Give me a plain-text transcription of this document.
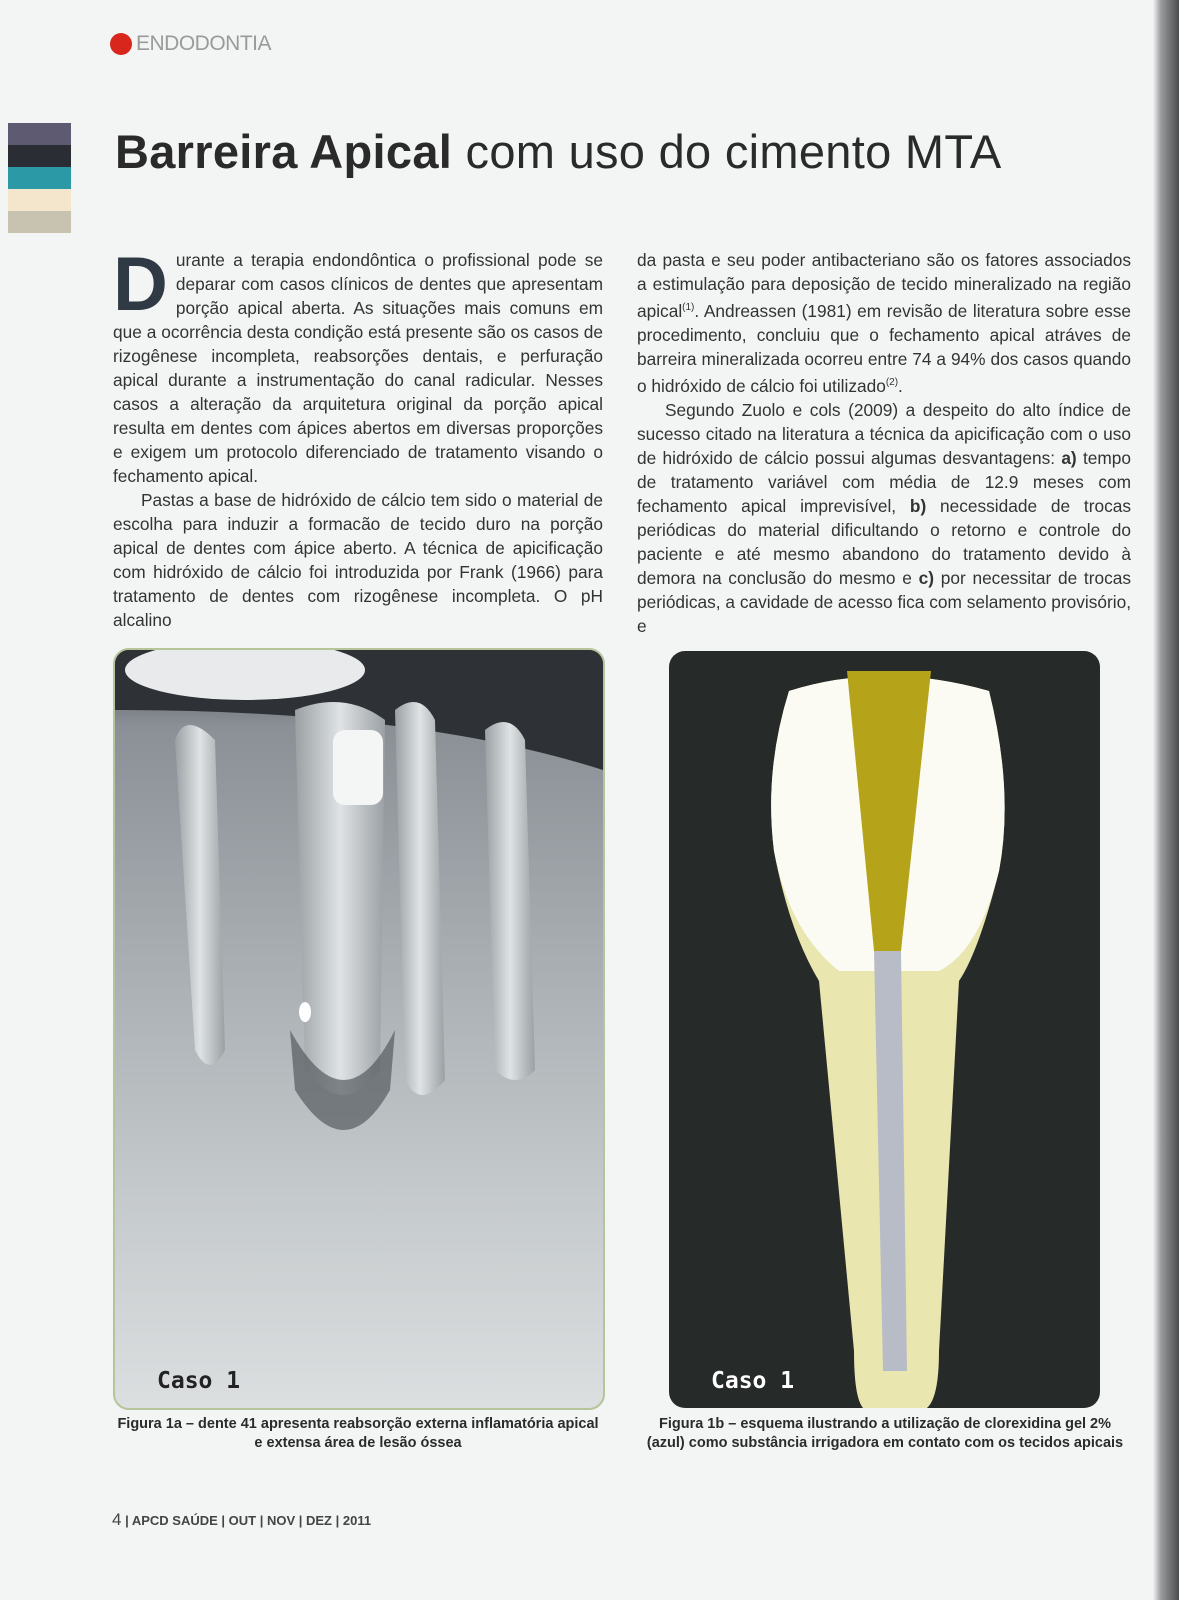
ENDODONTIA
Barreira Apical com uso do cimento MTA

Durante a terapia endondôntica o profissional pode se deparar com casos clínicos de dentes que apresentam porção apical aberta. As situações mais comuns em que a ocorrência desta condição está presente são os casos de rizogênese incompleta, reabsorções dentais, e perfuração apical durante a instrumentação do canal radicular. Nesses casos a alteração da arquitetura original da porção apical resulta em dentes com ápices abertos em diversas proporções e exigem um protocolo diferenciado de tratamento visando o fechamento apical.

Pastas a base de hidróxido de cálcio tem sido o material de escolha para induzir a formacão de tecido duro na porção apical de dentes com ápice aberto. A técnica de apicificação com hidróxido de cálcio foi introduzida por Frank (1966) para tratamento de dentes com rizogênese incompleta. O pH alcalino

da pasta e seu poder antibacteriano são os fatores associados a estimulação para deposição de tecido mineralizado na região apical$^{(1)}$. Andreassen (1981) em revisão de literatura sobre esse procedimento, concluiu que o fechamento apical atráves de barreira mineralizada ocorreu entre 74 a 94% dos casos quando o hidróxido de cálcio foi utilizado$^{(2)}$.

Segundo Zuolo e cols (2009) a despeito do alto índice de sucesso citado na literatura a técnica da apicificação com o uso de hidróxido de cálcio possui algumas desvantagens: a) tempo de tratamento variável com média de 12.9 meses com fechamento apical imprevisível, b) necessidade de trocas periódicas do material dificultando o retorno e controle do paciente e até mesmo abandono do tratamento devido à demora na conclusão do mesmo e c) por necessitar de trocas periódicas, a cavidade de acesso fica com selamento provisório, e

Caso 1	Caso 1
Figura 1a – dente 41 apresenta reabsorção externa inflamatória apical e extensa área de lesão óssea
Figura 1b – esquema ilustrando a utilização de clorexidina gel 2% (azul) como substância irrigadora em contato com os tecidos apicais
4 | APCD SAÚDE | OUT | NOV | DEZ | 2011
